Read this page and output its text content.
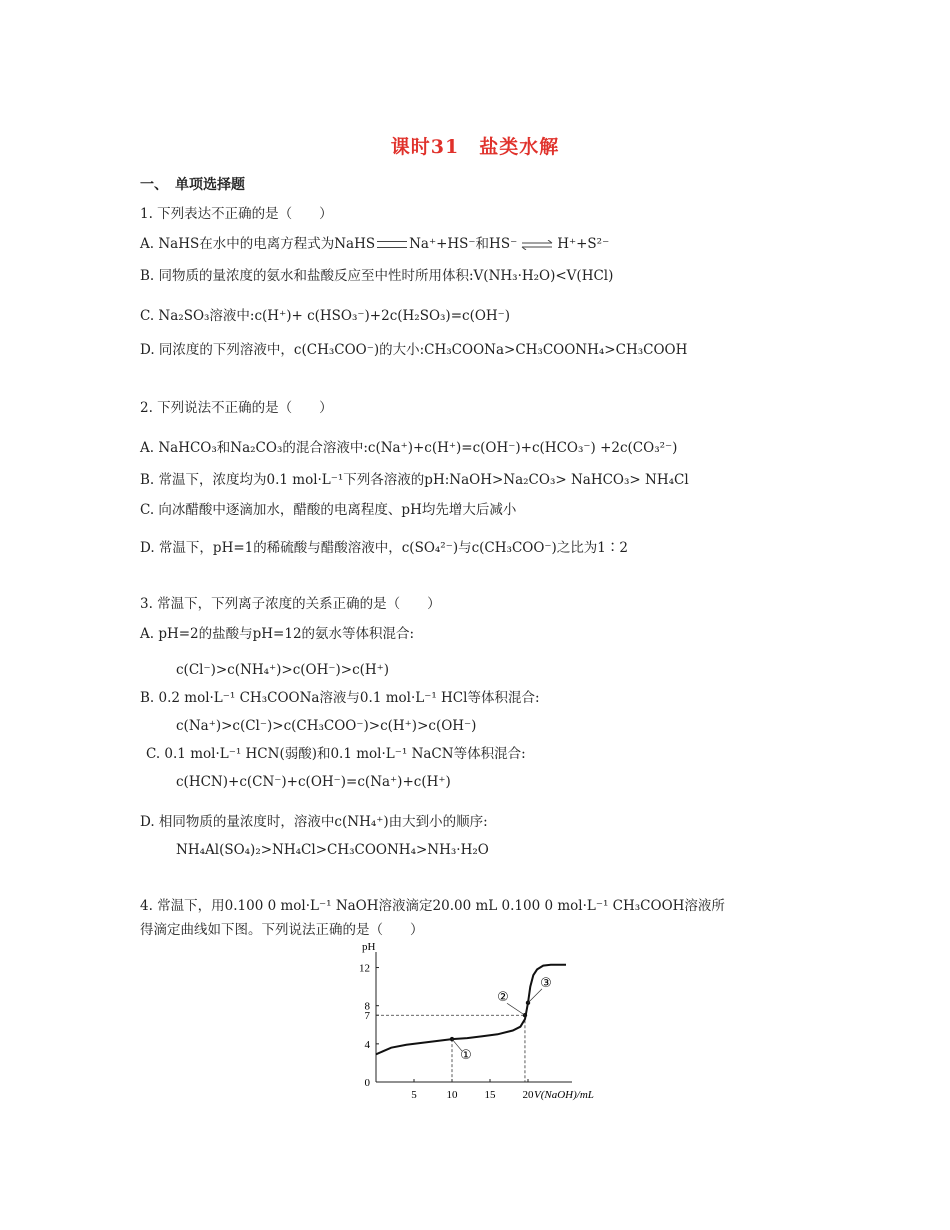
课时31　盐类水解
一、　单项选择题
1. 下列表达不正确的是（　　）
A. NaHS在水中的电离方程式为NaHS	Na⁺+HS⁻和HS⁻ ⇌ H⁺+S²⁻
B. 同物质的量浓度的氨水和盐酸反应至中性时所用体积:V(NH₃·H₂O)<V(HCl)
C. Na₂SO₃溶液中:c(H⁺)+ c(HSO₃⁻)+2c(H₂SO₃)=c(OH⁻)
D. 同浓度的下列溶液中，c(CH₃COO⁻)的大小:CH₃COONa>CH₃COONH₄>CH₃COOH
2. 下列说法不正确的是（　　）
A. NaHCO₃和Na₂CO₃的混合溶液中:c(Na⁺)+c(H⁺)=c(OH⁻)+c(HCO₃⁻) +2c(CO₃²⁻)
B. 常温下，浓度均为0.1 mol·L⁻¹下列各溶液的pH:NaOH>Na₂CO₃> NaHCO₃> NH₄Cl
C. 向冰醋酸中逐滴加水，醋酸的电离程度、pH均先增大后减小
D. 常温下，pH=1的稀硫酸与醋酸溶液中，c(SO₄²⁻)与c(CH₃COO⁻)之比为1∶2
3. 常温下，下列离子浓度的关系正确的是（　　）
A. pH=2的盐酸与pH=12的氨水等体积混合:
c(Cl⁻)>c(NH₄⁺)>c(OH⁻)>c(H⁺)
B. 0.2 mol·L⁻¹ CH₃COONa溶液与0.1 mol·L⁻¹ HCl等体积混合:
c(Na⁺)>c(Cl⁻)>c(CH₃COO⁻)>c(H⁺)>c(OH⁻)
C. 0.1 mol·L⁻¹ HCN(弱酸)和0.1 mol·L⁻¹ NaCN等体积混合:
c(HCN)+c(CN⁻)+c(OH⁻)=c(Na⁺)+c(H⁺)
D. 相同物质的量浓度时，溶液中c(NH₄⁺)由大到小的顺序:
NH₄Al(SO₄)₂>NH₄Cl>CH₃COONH₄>NH₃·H₂O
4. 常温下，用0.100 0 mol·L⁻¹ NaOH溶液滴定20.00 mL 0.100 0 mol·L⁻¹ CH₃COOH溶液所
得滴定曲线如下图。下列说法正确的是（　　）
pH
V(NaOH)/mL
0
4
7
8
12
5	10 15 20
①
②
③
